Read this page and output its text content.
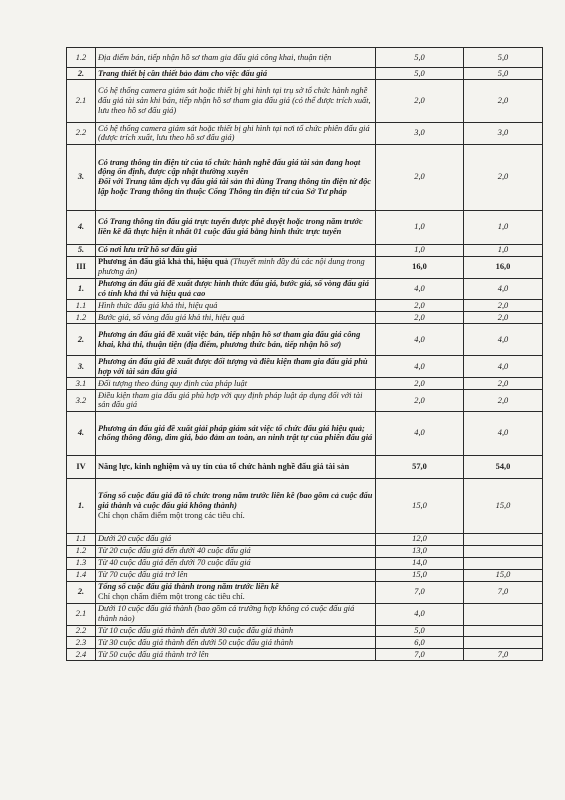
1.2	Địa điểm bán, tiếp nhận hồ sơ tham gia đấu giá công khai, thuận tiện	5,0	5,0
2.	Trang thiết bị cần thiết bảo đảm cho việc đấu giá	5,0	5,0
2.1	Có hệ thống camera giám sát hoặc thiết bị ghi hình tại trụ sở tổ chức hành nghề đấu giá tài sản khi bán, tiếp nhận hồ sơ tham gia đấu giá (có thể được trích xuất, lưu theo hồ sơ đấu giá)	2,0	2,0
2.2	Có hệ thống camera giám sát hoặc thiết bị ghi hình tại nơi tổ chức phiên đấu giá (được trích xuất, lưu theo hồ sơ đấu giá)	3,0	3,0
3.	Có trang thông tin điện tử của tổ chức hành nghề đấu giá tài sản đang hoạt động ổn định, được cập nhật thường xuyên
Đối với Trung tâm dịch vụ đấu giá tài sản thì dùng Trang thông tin điện tử độc lập hoặc Trang thông tin thuộc Cổng Thông tin điện tử của Sở Tư pháp	2,0	2,0
4.	Có Trang thông tin đấu giá trực tuyến được phê duyệt hoặc trong năm trước liền kề đã thực hiện ít nhất 01 cuộc đấu giá bằng hình thức trực tuyến	1,0	1,0
5.	Có nơi lưu trữ hồ sơ đấu giá	1,0	1,0
III	Phương án đấu giá khả thi, hiệu quả (Thuyết minh đầy đủ các nội dung trong phương án)	16,0	16,0
1.	Phương án đấu giá đề xuất được hình thức đấu giá, bước giá, số vòng đấu giá có tính khả thi và hiệu quả cao	4,0	4,0
1.1	Hình thức đấu giá khả thi, hiệu quả	2,0	2,0
1.2	Bước giá, số vòng đấu giá khả thi, hiệu quả	2,0	2,0
2.	Phương án đấu giá đề xuất việc bán, tiếp nhận hồ sơ tham gia đấu giá công khai, khả thi, thuận tiện (địa điểm, phương thức bán, tiếp nhận hồ sơ)	4,0	4,0
3.	Phương án đấu giá đề xuất được đối tượng và điều kiện tham gia đấu giá phù hợp với tài sản đấu giá	4,0	4,0
3.1	Đối tượng theo đúng quy định của pháp luật	2,0	2,0
3.2	Điều kiện tham gia đấu giá phù hợp với quy định pháp luật áp dụng đối với tài sản đấu giá	2,0	2,0
4.	Phương án đấu giá đề xuất giải pháp giám sát việc tổ chức đấu giá hiệu quả; chống thông đồng, dìm giá, bảo đảm an toàn, an ninh trật tự của phiên đấu giá	4,0	4,0
IV	Năng lực, kinh nghiệm và uy tín của tổ chức hành nghề đấu giá tài sản	57,0	54,0
1.	Tổng số cuộc đấu giá đã tổ chức trong năm trước liền kề (bao gồm cả cuộc đấu giá thành và cuộc đấu giá không thành)
Chỉ chọn chấm điểm một trong các tiêu chí.	15,0	15,0
1.1	Dưới 20 cuộc đấu giá	12,0	
1.2	Từ 20 cuộc đấu giá đến dưới 40 cuộc đấu giá	13,0	
1.3	Từ 40 cuộc đấu giá đến dưới 70 cuộc đấu giá	14,0	
1.4	Từ 70 cuộc đấu giá trở lên	15,0	15,0
2.	Tổng số cuộc đấu giá thành trong năm trước liền kề
Chỉ chọn chấm điểm một trong các tiêu chí.	7,0	7,0
2.1	Dưới 10 cuộc đấu giá thành (bao gồm cả trường hợp không có cuộc đấu giá thành nào)	4,0	
2.2	Từ 10 cuộc đấu giá thành đến dưới 30 cuộc đấu giá thành	5,0	
2.3	Từ 30 cuộc đấu giá thành đến dưới 50 cuộc đấu giá thành	6,0	
2.4	Từ 50 cuộc đấu giá thành trở lên	7,0	7,0
